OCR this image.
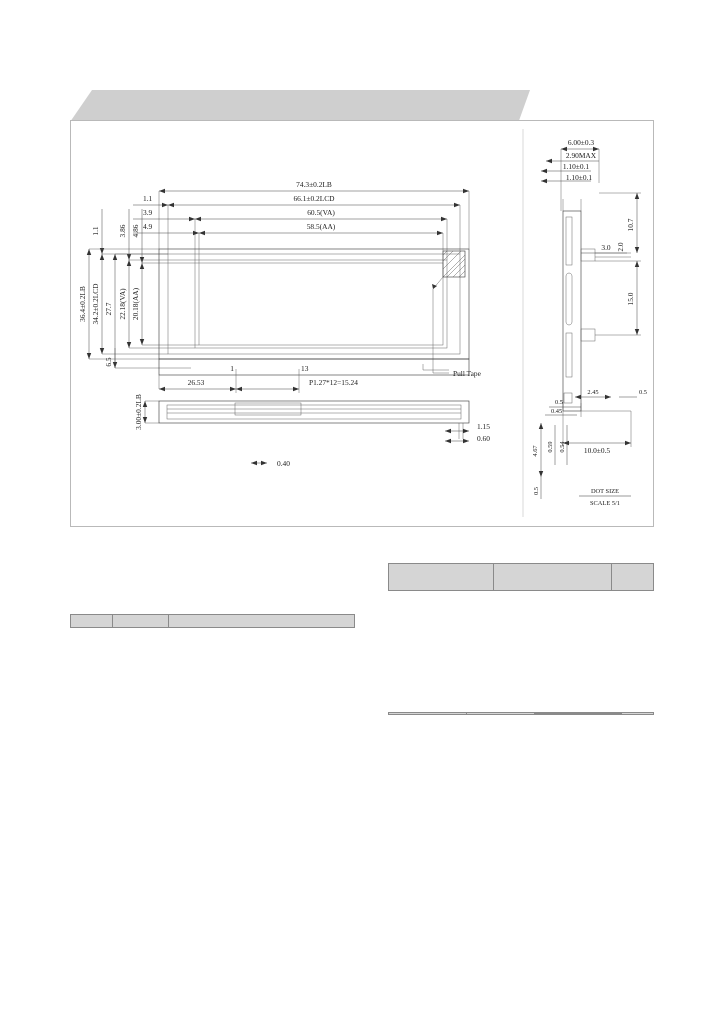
Pull Tape
74.3±0.2LB
66.1±0.2LCD
60.5(VA)
58.5(AA)
1.1
3.9
4.9
36.4±0.2LB 34.2±0.2LCD 27.7 22.18(VA) 20.18(AA)
6.5
1.1 3.86 4.86
1	13
26.53	P1.27*12=15.24
3.00±0.2LB
0.40
1.15
0.60
6.00±0.3
2.90MAX
1.10±0.1
1.10±0.1
3.0 2.0
10.7
15.0
10.0±0.5
2.45	0.5
0.5
0.45
4.67 0.59 0.54
0.5	DOT SIZE
SCALE 5/1
